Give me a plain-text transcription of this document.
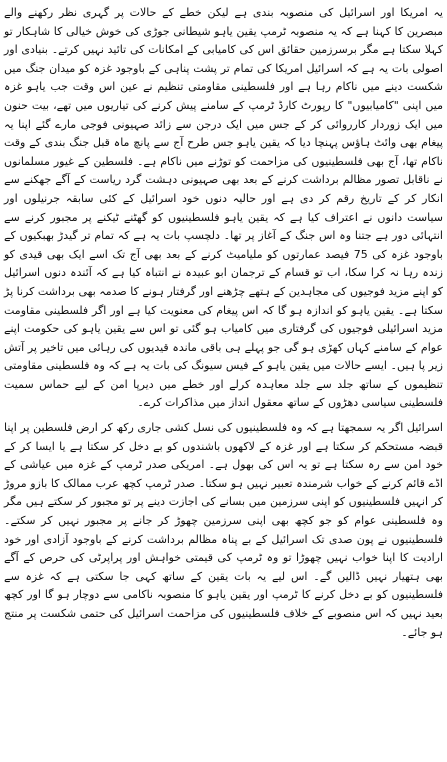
یہ امریکا اور اسرائیل کی منصوبہ بندی ہے لیکن خطے کے حالات پر گہری نظر رکھنے والے مبصرین کا کہنا ہے کہ یہ منصوبہ ٹرمپ یقین یاہو شیطانی جوڑی کی خوش خیالی کا شاہکار تو کہلا سکتا ہے مگر برسرزمین حقائق اس کی کامیابی کے امکانات کی تائید نہیں کرتے۔ بنیادی اور اصولی بات یہ ہے کہ اسرائیل امریکا کی تمام تر پشت پناہی کے باوجود غزہ کو میدان جنگ میں شکست دینے میں ناکام رہا ہے اور فلسطینی مقاومتی تنظیم نے عین اس وقت جب یاہو غزہ میں اپنی "کامیابیوں" کا رپورٹ کارڈ ٹرمپ کے سامنے پیش کرنے کی تیاریوں میں تھے، بیت حنون میں ایک زوردار کارروائی کر کے جس میں ایک درجن سے زائد صہیونی فوجی مارے گئے اپنا یہ پیغام بھی وائٹ ہاؤس پہنچا دیا کہ یقین یاہو جس طرح آج سے پانچ ماہ قبل جنگ بندی کے وقت ناکام تھا، آج بھی فلسطینیوں کی مزاحمت کو توڑنے میں ناکام ہے۔ فلسطین کے غیور مسلمانوں نے ناقابل تصور مظالم برداشت کرنے کے بعد بھی صہیونی دہشت گرد ریاست کے آگے جھکنے سے انکار کر کے تاریخ رقم کر دی ہے اور حالیہ دنوں خود اسرائیل کے کئی سابقہ جرنیلوں اور سیاست دانوں نے اعتراف کیا ہے کہ یقین یاہو فلسطینیوں کو گھٹنے ٹیکنے پر مجبور کرنے سے انتہائی دور ہے جتنا وہ اس جنگ کے آغاز پر تھا۔ دلچسپ بات یہ ہے کہ تمام تر گیدڑ بھبکیوں کے باوجود غزہ کی 75 فیصد عمارتوں کو ملیامیٹ کرنے کے بعد بھی آج تک اسے ایک بھی قیدی کو زندہ رہا نہ کرا سکا، اب تو قسام کے ترجمان ابو عبیدہ نے انتباہ کیا ہے کہ آئندہ دنوں اسرائیل کو اپنے مزید فوجیوں کی مجاہدین کے ہتھے چڑھنے اور گرفتار ہونے کا صدمہ بھی برداشت کرنا پڑ سکتا ہے۔ یقین یاہو کو اندازہ ہو گا کہ اس پیغام کی معنویت کیا ہے اور اگر فلسطینی مقاومت مزید اسرائیلی فوجیوں کی گرفتاری میں کامیاب ہو گئی تو اس سے یقین یاہو کی حکومت اپنے عوام کے سامنے کہاں کھڑی ہو گی جو پہلے ہی باقی ماندہ قیدیوں کی رہائی میں تاخیر پر آتش زیر پا ہیں۔ ایسے حالات میں یقین یاہو کے فیس سیونگ کی بات یہ ہے کہ وہ فلسطینی مقاومتی تنظیموں کے ساتھ جلد سے جلد معاہدہ کرلے اور خطے میں دیرپا امن کے لیے حماس سمیت فلسطینی سیاسی دھڑوں کے ساتھ معقول انداز میں مذاکرات کرے۔

اسرائیل اگر یہ سمجھتا ہے کہ وہ فلسطینیوں کی نسل کشی جاری رکھ کر ارض فلسطین پر اپنا قبضہ مستحکم کر سکتا ہے اور غزہ کے لاکھوں باشندوں کو بے دخل کر سکتا ہے یا ایسا کر کے خود امن سے رہ سکتا ہے تو یہ اس کی بھول ہے۔ امریکی صدر ٹرمپ کے غزہ میں عیاشی کے اڈے قائم کرنے کے خواب شرمندہ تعبیر نہیں ہو سکتا۔ صدر ٹرمپ کچھ عرب ممالک کا بازو مروڑ کر انہیں فلسطینیوں کو اپنی سرزمین میں بسانے کی اجازت دینے پر تو مجبور کر سکتے ہیں مگر وہ فلسطینی عوام کو جو کچھ بھی اپنی سرزمین چھوڑ کر جانے پر مجبور نہیں کر سکتے۔ فلسطینیوں نے پون صدی تک اسرائیل کے بے پناہ مظالم برداشت کرنے کے باوجود آزادی اور خود ارادیت کا اپنا خواب نہیں چھوڑا تو وہ ٹرمپ کی قیمتی خواہش اور پراپرٹی کی حرص کے آگے بھی ہتھیار نہیں ڈالیں گے۔ اس لیے یہ بات یقین کے ساتھ کہی جا سکتی ہے کہ غزہ سے فلسطینیوں کو بے دخل کرنے کا ٹرمپ اور یقین یاہو کا منصوبہ ناکامی سے دوچار ہو گا اور کچھ بعید نہیں کہ اس منصوبے کے خلاف فلسطینیوں کی مزاحمت اسرائیل کی حتمی شکست پر منتج ہو جائے۔
